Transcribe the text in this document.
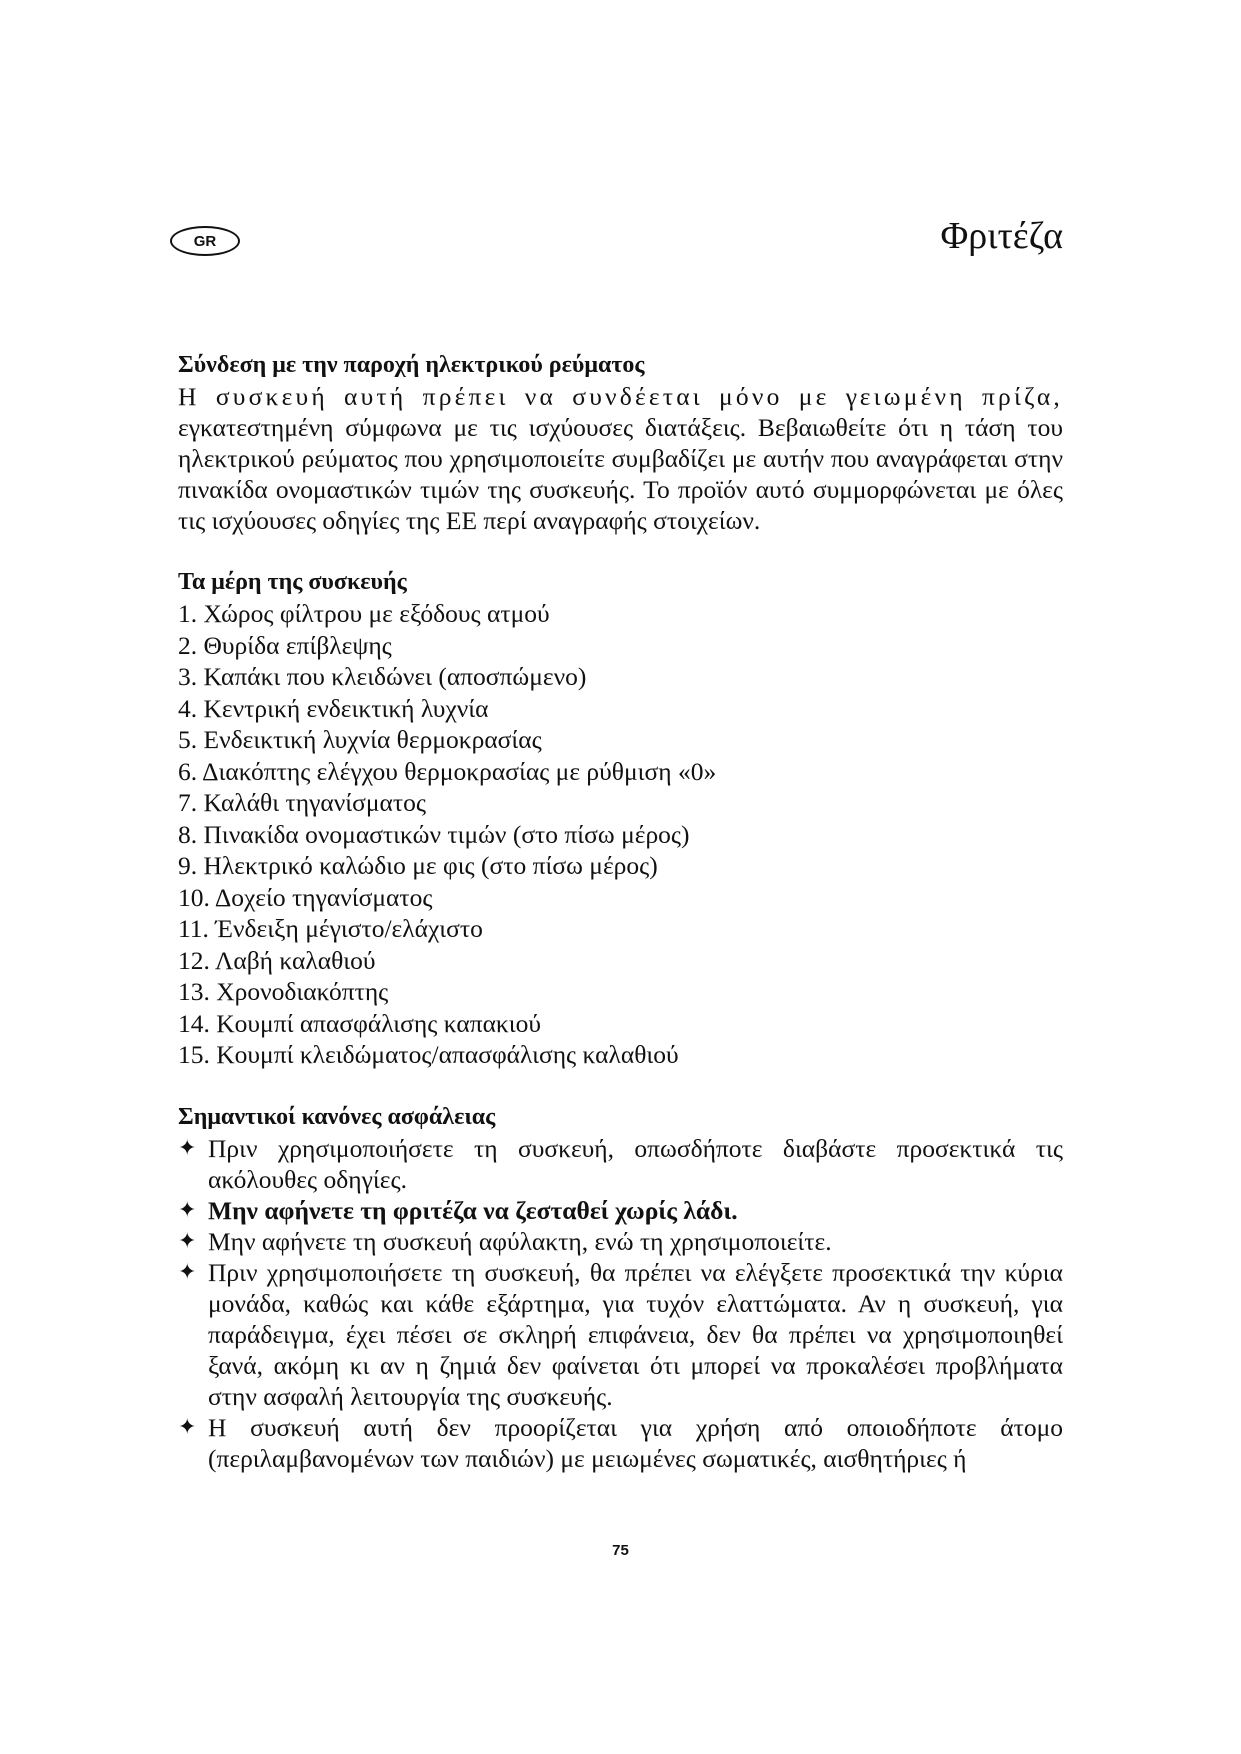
GR	Φριτέζα

Σύνδεση με την παροχή ηλεκτρικού ρεύματος

Η συσκευή αυτή πρέπει να συνδέεται μόνο με γειωμένη πρίζα, εγκατεστημένη σύμφωνα με τις ισχύουσες διατάξεις. Βεβαιωθείτε ότι η τάση του ηλεκτρικού ρεύματος που χρησιμοποιείτε συμβαδίζει με αυτήν που αναγράφεται στην πινακίδα ονομαστικών τιμών της συσκευής. Το προϊόν αυτό συμμορφώνεται με όλες τις ισχύουσες οδηγίες της ΕΕ περί αναγραφής στοιχείων.

Τα μέρη της συσκευής

1. Χώρος φίλτρου με εξόδους ατμού
2. Θυρίδα επίβλεψης
3. Καπάκι που κλειδώνει (αποσπώμενο)
4. Κεντρική ενδεικτική λυχνία
5. Ενδεικτική λυχνία θερμοκρασίας
6. Διακόπτης ελέγχου θερμοκρασίας με ρύθμιση «0»
7. Καλάθι τηγανίσματος
8. Πινακίδα ονομαστικών τιμών (στο πίσω μέρος)
9. Ηλεκτρικό καλώδιο με φις (στο πίσω μέρος)
10. Δοχείο τηγανίσματος
11. Ένδειξη μέγιστο/ελάχιστο
12. Λαβή καλαθιού
13. Χρονοδιακόπτης
14. Κουμπί απασφάλισης καπακιού
15. Κουμπί κλειδώματος/απασφάλισης καλαθιού

Σημαντικοί κανόνες ασφάλειας

✦ Πριν χρησιμοποιήσετε τη συσκευή, οπωσδήποτε διαβάστε προσεκτικά τις ακόλουθες οδηγίες.
✦ Μην αφήνετε τη φριτέζα να ζεσταθεί χωρίς λάδι.
✦ Μην αφήνετε τη συσκευή αφύλακτη, ενώ τη χρησιμοποιείτε.
✦ Πριν χρησιμοποιήσετε τη συσκευή, θα πρέπει να ελέγξετε προσεκτικά την κύρια μονάδα, καθώς και κάθε εξάρτημα, για τυχόν ελαττώματα. Αν η συσκευή, για παράδειγμα, έχει πέσει σε σκληρή επιφάνεια, δεν θα πρέπει να χρησιμοποιηθεί ξανά, ακόμη κι αν η ζημιά δεν φαίνεται ότι μπορεί να προκαλέσει προβλήματα στην ασφαλή λειτουργία της συσκευής.
✦ Η συσκευή αυτή δεν προορίζεται για χρήση από οποιοδήποτε άτομο (περιλαμβανομένων των παιδιών) με μειωμένες σωματικές, αισθητήριες ή
75
